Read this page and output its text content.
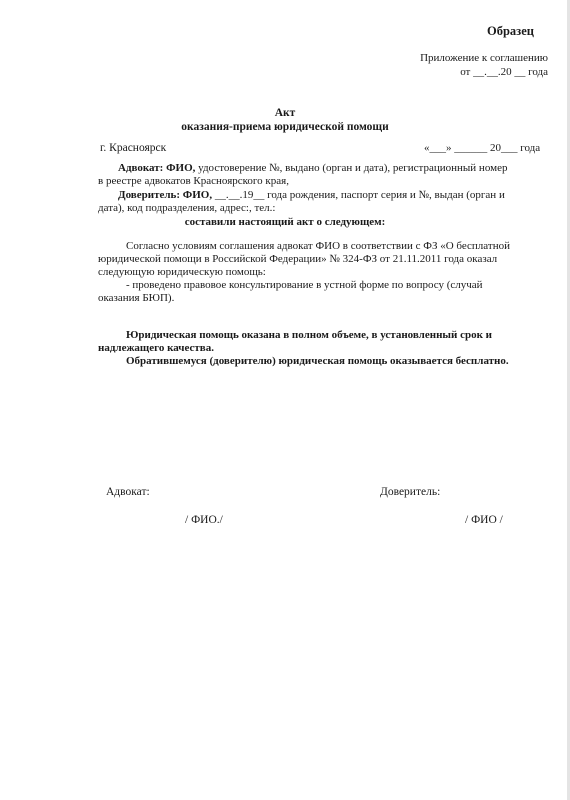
Образец
Приложение к соглашению
от __.__.20 __ года
Акт
оказания-приема юридической помощи
г. Красноярск	«___» ______ 20___ года
Адвокат: ФИО, удостоверение №, выдано (орган и дата), регистрационный номер
в реестре адвокатов Красноярского края,
Доверитель: ФИО, __.__.19__ года рождения, паспорт серия и №, выдан (орган и
дата), код подразделения, адрес:, тел.:
составили настоящий акт о следующем:
Согласно условиям соглашения адвокат ФИО в соответствии с ФЗ «О бесплатной
юридической помощи в Российской Федерации» № 324-ФЗ от 21.11.2011 года оказал
следующую юридическую помощь:
- проведено правовое консультирование в устной форме по вопросу (случай
оказания БЮП).
Юридическая помощь оказана в полном объеме, в установленный срок и
надлежащего качества.
Обратившемуся (доверителю) юридическая помощь оказывается бесплатно.
Адвокат:	Доверитель:
/ ФИО./	/ ФИО /
